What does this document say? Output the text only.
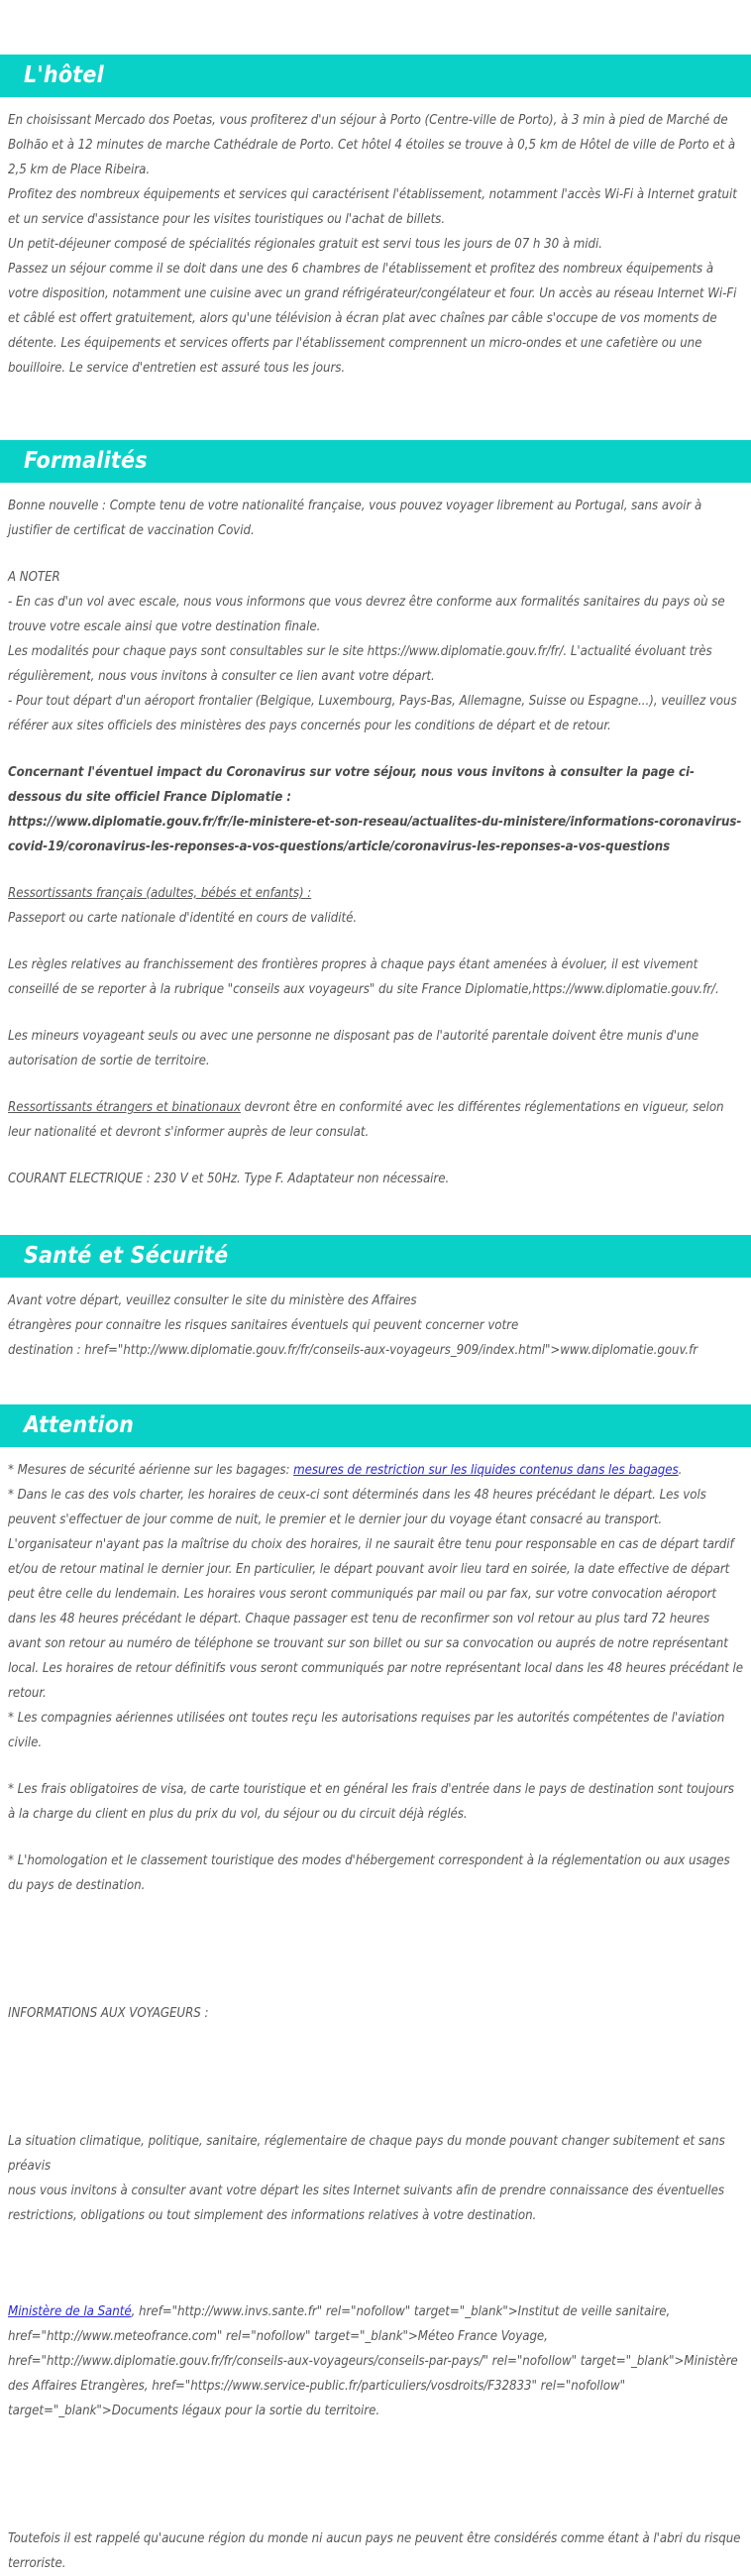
L'hôtel

En choisissant Mercado dos Poetas, vous profiterez d'un séjour à Porto (Centre-ville de Porto), à 3 min à pied de Marché de Bolhão et à 12 minutes de marche Cathédrale de Porto. Cet hôtel 4 étoiles se trouve à 0,5 km de Hôtel de ville de Porto et à 2,5 km de Place Ribeira.

Profitez des nombreux équipements et services qui caractérisent l'établissement, notamment l'accès Wi-Fi à Internet gratuit et un service d'assistance pour les visites touristiques ou l'achat de billets.

Un petit-déjeuner composé de spécialités régionales gratuit est servi tous les jours de 07 h 30 à midi.

Passez un séjour comme il se doit dans une des 6 chambres de l'établissement et profitez des nombreux équipements à votre disposition, notamment une cuisine avec un grand réfrigérateur/congélateur et four. Un accès au réseau Internet Wi-Fi et câblé est offert gratuitement, alors qu'une télévision à écran plat avec chaînes par câble s'occupe de vos moments de détente. Les équipements et services offerts par l'établissement comprennent un micro-ondes et une cafetière ou une bouilloire. Le service d'entretien est assuré tous les jours.

Formalités

Bonne nouvelle : Compte tenu de votre nationalité française, vous pouvez voyager librement au Portugal, sans avoir à justifier de certificat de vaccination Covid.

A NOTER

- En cas d'un vol avec escale, nous vous informons que vous devrez être conforme aux formalités sanitaires du pays où se trouve votre escale ainsi que votre destination finale.

Les modalités pour chaque pays sont consultables sur le site https://www.diplomatie.gouv.fr/fr/. L'actualité évoluant très régulièrement, nous vous invitons à consulter ce lien avant votre départ.

- Pour tout départ d'un aéroport frontalier (Belgique, Luxembourg, Pays-Bas, Allemagne, Suisse ou Espagne...), veuillez vous référer aux sites officiels des ministères des pays concernés pour les conditions de départ et de retour.

Concernant l'éventuel impact du Coronavirus sur votre séjour, nous vous invitons à consulter la page ci-dessous du site officiel France Diplomatie :

https://www.diplomatie.gouv.fr/fr/le-ministere-et-son-reseau/actualites-du-ministere/informations-coronavirus-covid-19/coronavirus-les-reponses-a-vos-questions/article/coronavirus-les-reponses-a-vos-questions

Ressortissants français (adultes, bébés et enfants) :

Passeport ou carte nationale d'identité en cours de validité.

Les règles relatives au franchissement des frontières propres à chaque pays étant amenées à évoluer, il est vivement conseillé de se reporter à la rubrique "conseils aux voyageurs" du site France Diplomatie,https://www.diplomatie.gouv.fr/.

Les mineurs voyageant seuls ou avec une personne ne disposant pas de l'autorité parentale doivent être munis d'une autorisation de sortie de territoire.

Ressortissants étrangers et binationaux devront être en conformité avec les différentes réglementations en vigueur, selon leur nationalité et devront s'informer auprès de leur consulat.

COURANT ELECTRIQUE : 230 V et 50Hz. Type F. Adaptateur non nécessaire.

Santé et Sécurité

Avant votre départ, veuillez consulter le site du ministère des Affaires

étrangères pour connaitre les risques sanitaires éventuels qui peuvent concerner votre

destination : href="http://www.diplomatie.gouv.fr/fr/conseils-aux-voyageurs_909/index.html">www.diplomatie.gouv.fr

Attention

* Mesures de sécurité aérienne sur les bagages: mesures de restriction sur les liquides contenus dans les bagages.

* Dans le cas des vols charter, les horaires de ceux-ci sont déterminés dans les 48 heures précédant le départ. Les vols peuvent s'effectuer de jour comme de nuit, le premier et le dernier jour du voyage étant consacré au transport. L'organisateur n'ayant pas la maîtrise du choix des horaires, il ne saurait être tenu pour responsable en cas de départ tardif et/ou de retour matinal le dernier jour. En particulier, le départ pouvant avoir lieu tard en soirée, la date effective de départ peut être celle du lendemain. Les horaires vous seront communiqués par mail ou par fax, sur votre convocation aéroport dans les 48 heures précédant le départ. Chaque passager est tenu de reconfirmer son vol retour au plus tard 72 heures avant son retour au numéro de téléphone se trouvant sur son billet ou sur sa convocation ou auprés de notre représentant local. Les horaires de retour définitifs vous seront communiqués par notre représentant local dans les 48 heures précédant le retour.

* Les compagnies aériennes utilisées ont toutes reçu les autorisations requises par les autorités compétentes de l'aviation civile.

* Les frais obligatoires de visa, de carte touristique et en général les frais d'entrée dans le pays de destination sont toujours à la charge du client en plus du prix du vol, du séjour ou du circuit déjà réglés.

* L'homologation et le classement touristique des modes d'hébergement correspondent à la réglementation ou aux usages du pays de destination.

INFORMATIONS AUX VOYAGEURS :

La situation climatique, politique, sanitaire, réglementaire de chaque pays du monde pouvant changer subitement et sans préavis

nous vous invitons à consulter avant votre départ les sites Internet suivants afin de prendre connaissance des éventuelles restrictions, obligations ou tout simplement des informations relatives à votre destination.

Ministère de la Santé, href="http://www.invs.sante.fr" rel="nofollow" target="_blank">Institut de veille sanitaire, href="http://www.meteofrance.com" rel="nofollow" target="_blank">Méteo France Voyage, href="http://www.diplomatie.gouv.fr/fr/conseils-aux-voyageurs/conseils-par-pays/" rel="nofollow" target="_blank">Ministère des Affaires Etrangères, href="https://www.service-public.fr/particuliers/vosdroits/F32833" rel="nofollow" target="_blank">Documents légaux pour la sortie du territoire.

Toutefois il est rappelé qu'aucune région du monde ni aucun pays ne peuvent être considérés comme étant à l'abri du risque terroriste.
